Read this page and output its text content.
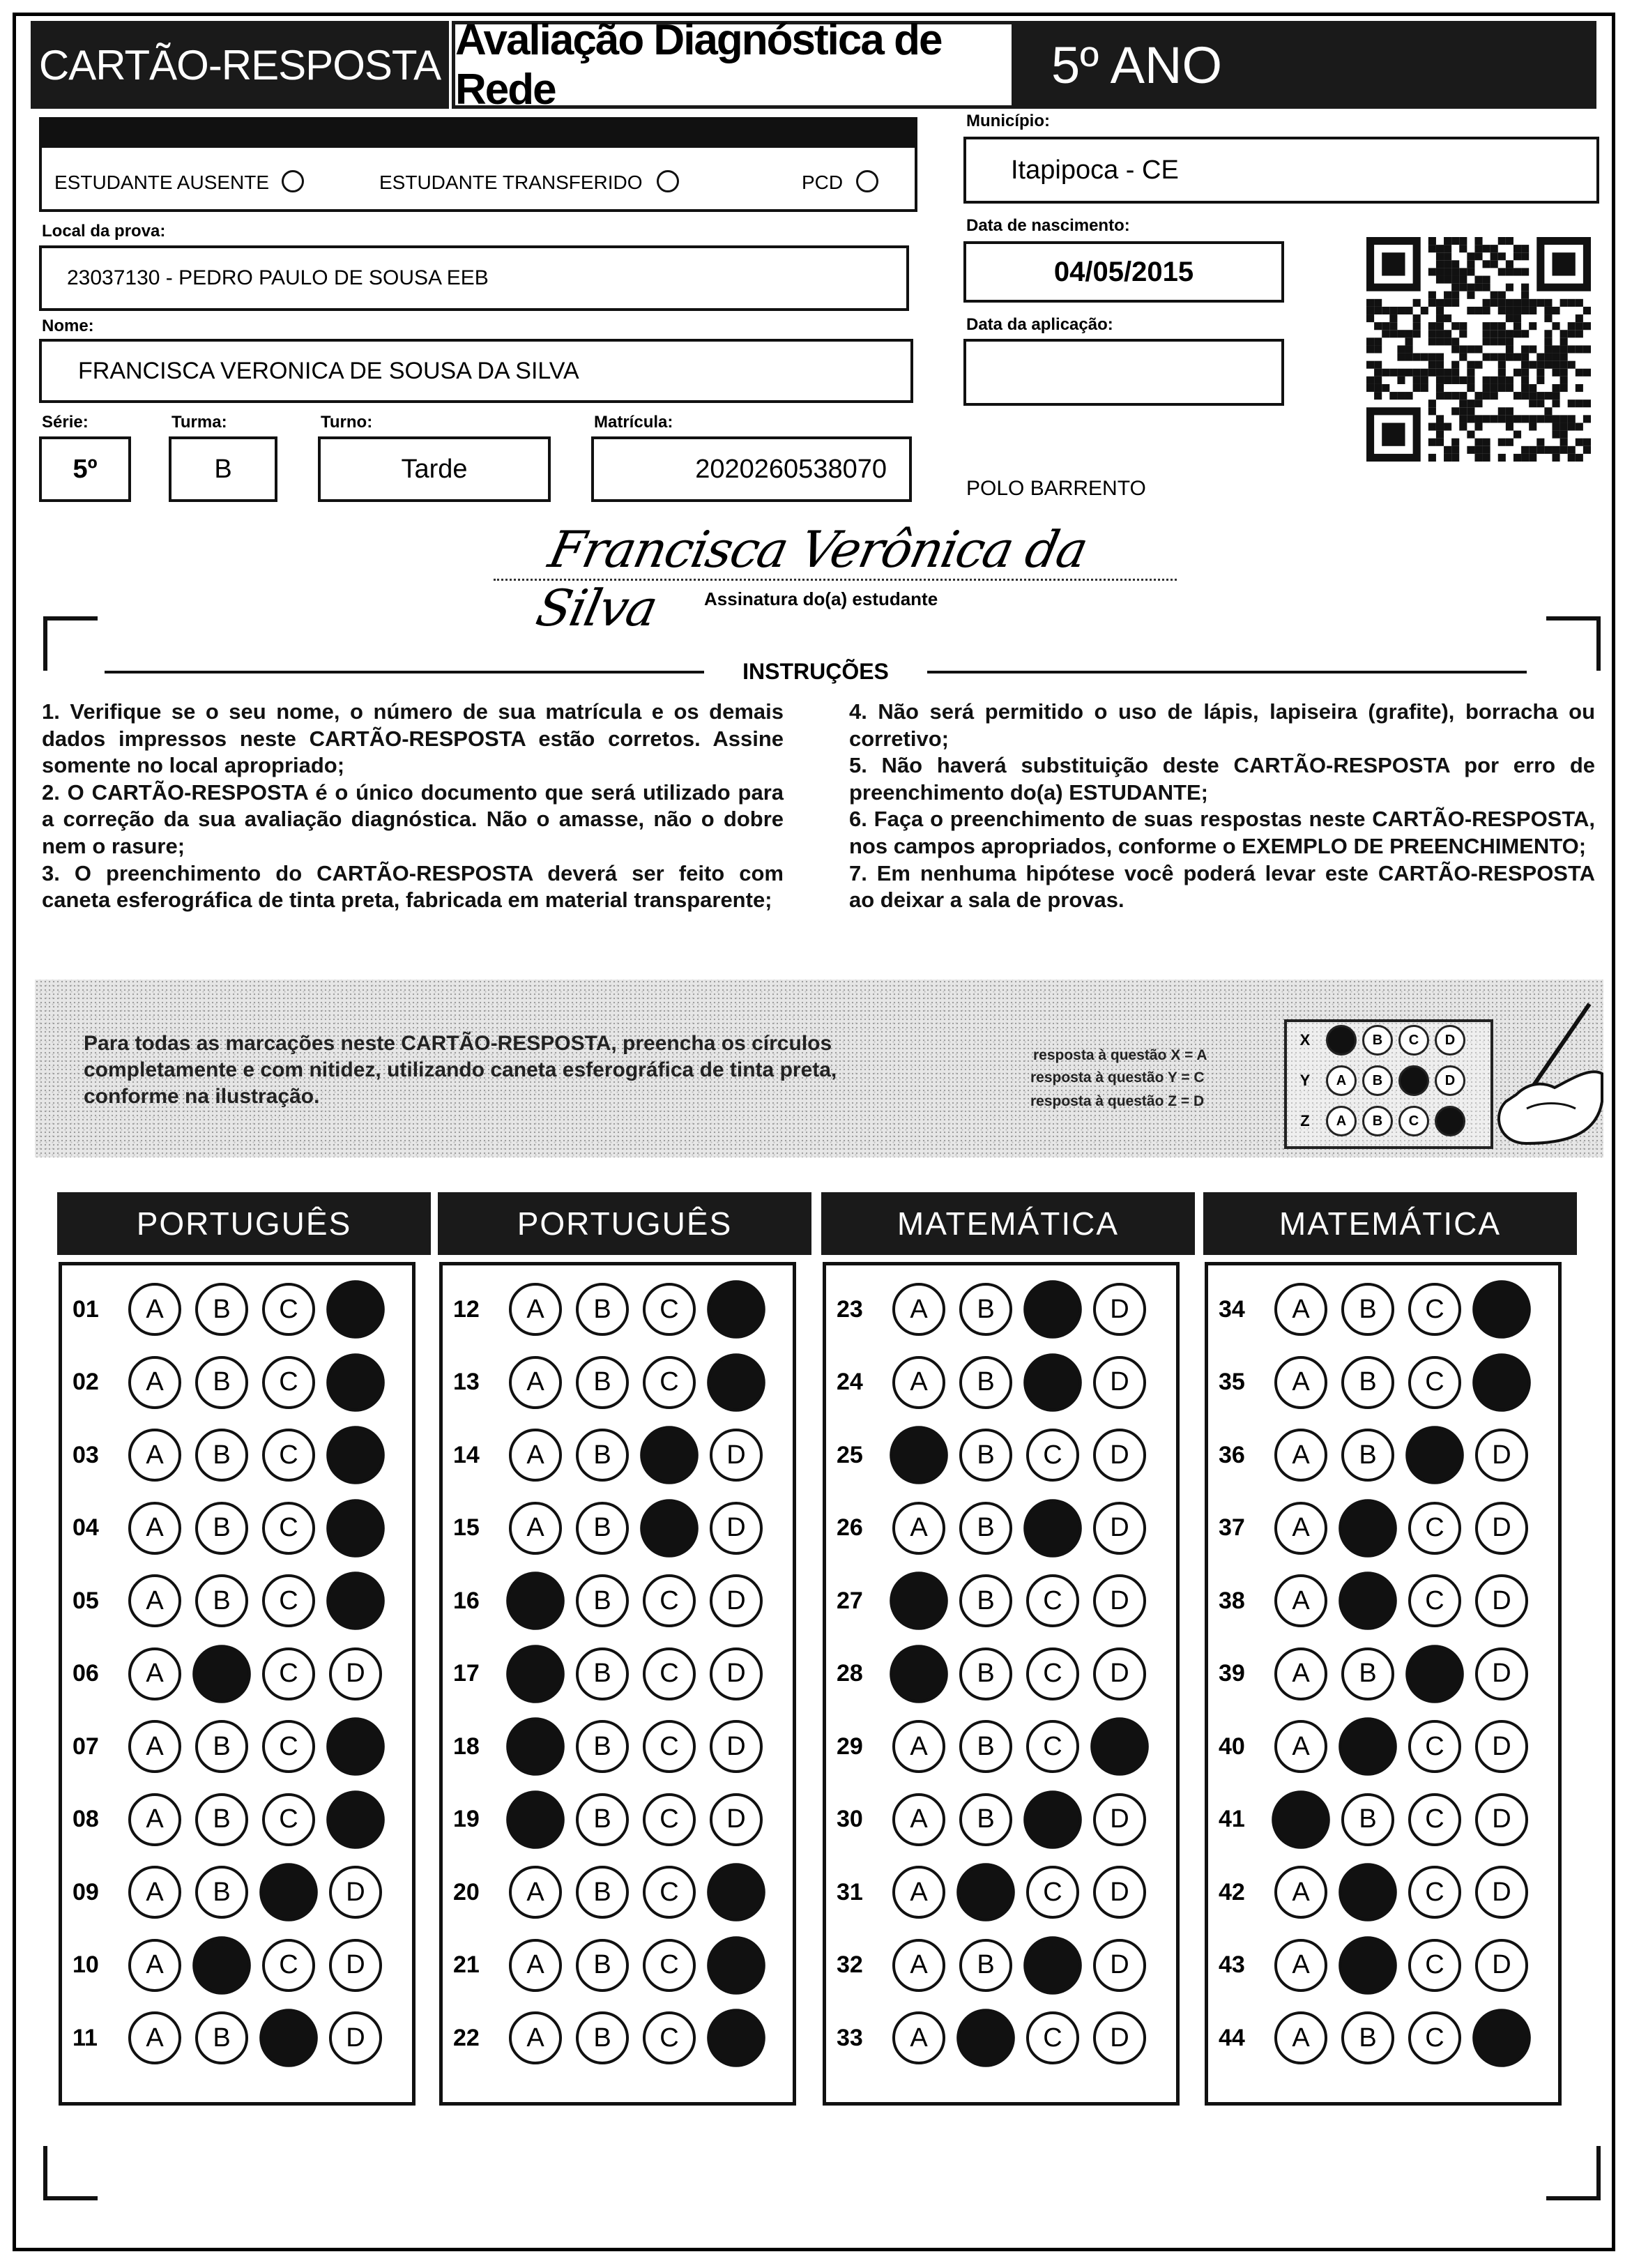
CARTÃO-RESPOSTA
Avaliação Diagnóstica de Rede	5º ANO
ESTUDANTE AUSENTE	ESTUDANTE TRANSFERIDO	PCD
Município:
Itapipoca - CE
Local da prova:
23037130 - PEDRO PAULO DE SOUSA EEB
Data de nascimento:
04/05/2015
Data da aplicação:
Nome:
FRANCISCA VERONICA DE SOUSA DA SILVA
Série:
5º
Turma:
B
Turno:
Tarde
Matrícula:
2020260538070
POLO BARRENTO
Francisca Verônica da Silva	Assinatura do(a) estudante
INSTRUÇÕES

1. Verifique se o seu nome, o número de sua matrícula e os demais dados impressos neste CARTÃO-RESPOSTA estão corretos. Assine somente no local apropriado;

2. O CARTÃO-RESPOSTA é o único documento que será utilizado para a correção da sua avaliação diagnóstica. Não o amasse, não o dobre nem o rasure;

3. O preenchimento do CARTÃO-RESPOSTA deverá ser feito com caneta esferográfica de tinta preta, fabricada em material transparente;

4. Não será permitido o uso de lápis, lapiseira (grafite), borracha ou corretivo;

5. Não haverá substituição deste CARTÃO-RESPOSTA por erro de preenchimento do(a) ESTUDANTE;

6. Faça o preenchimento de suas respostas neste CARTÃO-RESPOSTA, nos campos apropriados, conforme o EXEMPLO DE PREENCHIMENTO;

7. Em nenhuma hipótese você poderá levar este CARTÃO-RESPOSTA ao deixar a sala de provas.

Para todas as marcações neste CARTÃO-RESPOSTA, preencha os círculos completamente e com nitidez, utilizando caneta esferográfica de tinta preta, conforme na ilustração.
resposta à questão X = A
resposta à questão Y = C
resposta à questão Z = D
X	B	C	D
Y	A	B	D
Z	A	B	C
PORTUGUÊS
01	A	B	C
02	A	B	C
03	A	B	C
04	A	B	C
05	A	B	C
06	A	C	D
07	A	B	C
08	A	B	C
09	A	B	D
10	A	C	D
11	A	B	D
PORTUGUÊS
12	A	B	C
13	A	B	C
14	A	B	D
15	A	B	D
16	B	C	D
17	B	C	D
18	B	C	D
19	B	C	D
20	A	B	C
21	A	B	C
22	A	B	C
MATEMÁTICA
23	A	B	D
24	A	B	D
25	B	C	D
26	A	B	D
27	B	C	D
28	B	C	D
29	A	B	C
30	A	B	D
31	A	C	D
32	A	B	D
33	A	C	D
MATEMÁTICA
34	A	B	C
35	A	B	C
36	A	B	D
37	A	C	D
38	A	C	D
39	A	B	D
40	A	C	D
41	B	C	D
42	A	C	D
43	A	C	D
44	A	B	C
